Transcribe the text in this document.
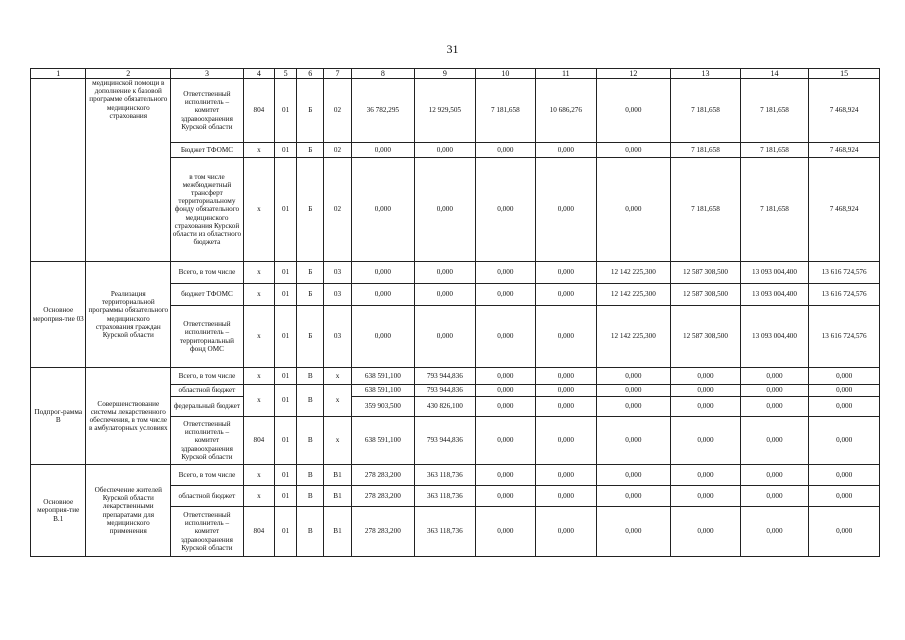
31
1	2	3	4	5	6	7	8	9	10	11	12	13	14	15
	медицинской помощи в дополнение к базовой программе обязательного медицинского страхования	Ответственный исполнитель – комитет здравоохранения Курской области	804	01	Б	02	36 782,295	12 929,505	7 181,658	10 686,276	0,000	7 181,658	7 181,658	7 468,924
		Бюджет ТФОМС	х	01	Б	02	0,000	0,000	0,000	0,000	0,000	7 181,658	7 181,658	7 468,924
		в том числе межбюджетный трансферт территориальному фонду обязательного медицинского страхования Курской области из областного бюджета	х	01	Б	02	0,000	0,000	0,000	0,000	0,000	7 181,658	7 181,658	7 468,924
Основное мероприя-тие 03	Реализация территориальной программы обязательного медицинского страхования граждан Курской области	Всего, в том числе	х	01	Б	03	0,000	0,000	0,000	0,000	12 142 225,300	12 587 308,500	13 093 004,400	13 616 724,576
		бюджет ТФОМС	х	01	Б	03	0,000	0,000	0,000	0,000	12 142 225,300	12 587 308,500	13 093 004,400	13 616 724,576
		Ответственный исполнитель – территориальный фонд ОМС	х	01	Б	03	0,000	0,000	0,000	0,000	12 142 225,300	12 587 308,500	13 093 004,400	13 616 724,576
Подпрог-рамма В	Совершенствование системы лекарственного обеспечения, в том числе в амбулаторных условиях	Всего, в том числе	х	01	В	х	638 591,100	793 944,836	0,000	0,000	0,000	0,000	0,000	0,000
		областной бюджет	х	01	В	х	638 591,100	793 944,836	0,000	0,000	0,000	0,000	0,000	0,000
		федеральный бюджет					359 903,500	430 826,100	0,000	0,000	0,000	0,000	0,000	0,000
		Ответственный исполнитель – комитет здравоохранения Курской области	804	01	В	х	638 591,100	793 944,836	0,000	0,000	0,000	0,000	0,000	0,000
Основное мероприя-тие В.1	Обеспечение жителей Курской области лекарственными препаратами для медицинского применения	Всего, в том числе	х	01	В	В1	278 283,200	363 118,736	0,000	0,000	0,000	0,000	0,000	0,000
		областной бюджет	х	01	В	В1	278 283,200	363 118,736	0,000	0,000	0,000	0,000	0,000	0,000
		Ответственный исполнитель – комитет здравоохранения Курской области	804	01	В	В1	278 283,200	363 118,736	0,000	0,000	0,000	0,000	0,000	0,000
